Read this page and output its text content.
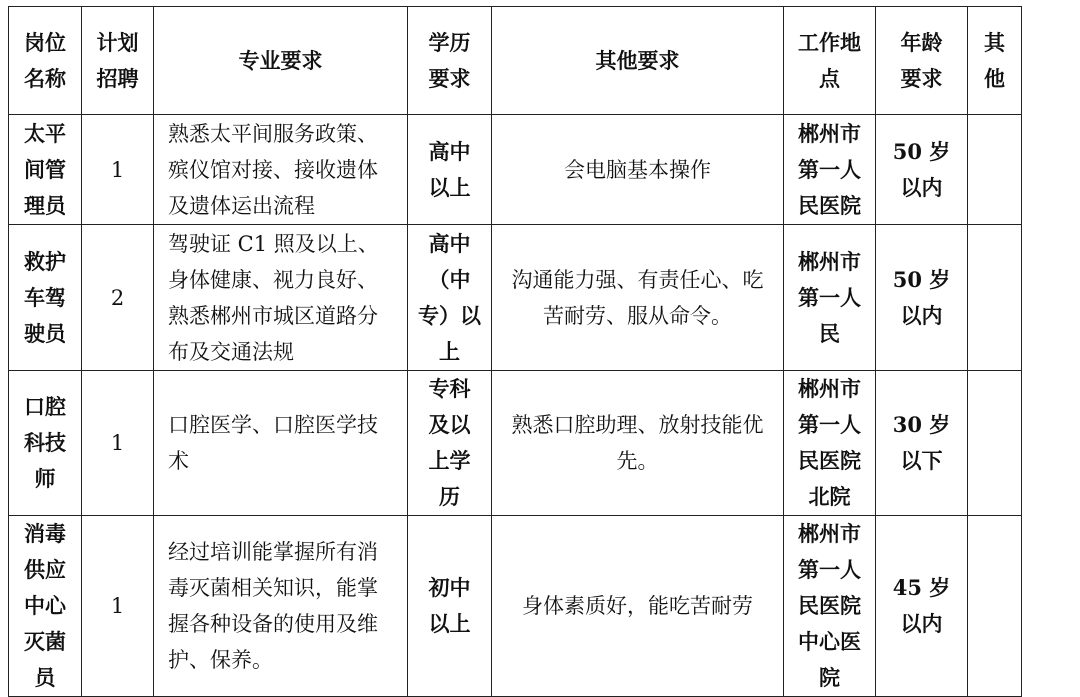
岗位名称	计划招聘	专业要求	学历要求	其他要求	工作地点	年龄要求	其他
太平间管理员	1	熟悉太平间服务政策、殡仪馆对接、接收遗体及遗体运出流程	高中以上	会电脑基本操作	郴州市第一人民医院	50 岁以内	
救护车驾驶员	2	驾驶证 C1 照及以上、身体健康、视力良好、 熟悉郴州市城区道路分布及交通法规	高中（中专）以上	沟通能力强、有责任心、吃苦耐劳、服从命令。	郴州市第一人民	50 岁以内	
口腔科技师	1	口腔医学、口腔医学技术	专科及以上学历	熟悉口腔助理、放射技能优先。	郴州市第一人民医院北院	30 岁以下	
消毒供应中心灭菌员	1	经过培训能掌握所有消毒灭菌相关知识，能掌握各种设备的使用及维护、保养。	初中以上	身体素质好，能吃苦耐劳	郴州市第一人民医院中心医院	45 岁以内	
